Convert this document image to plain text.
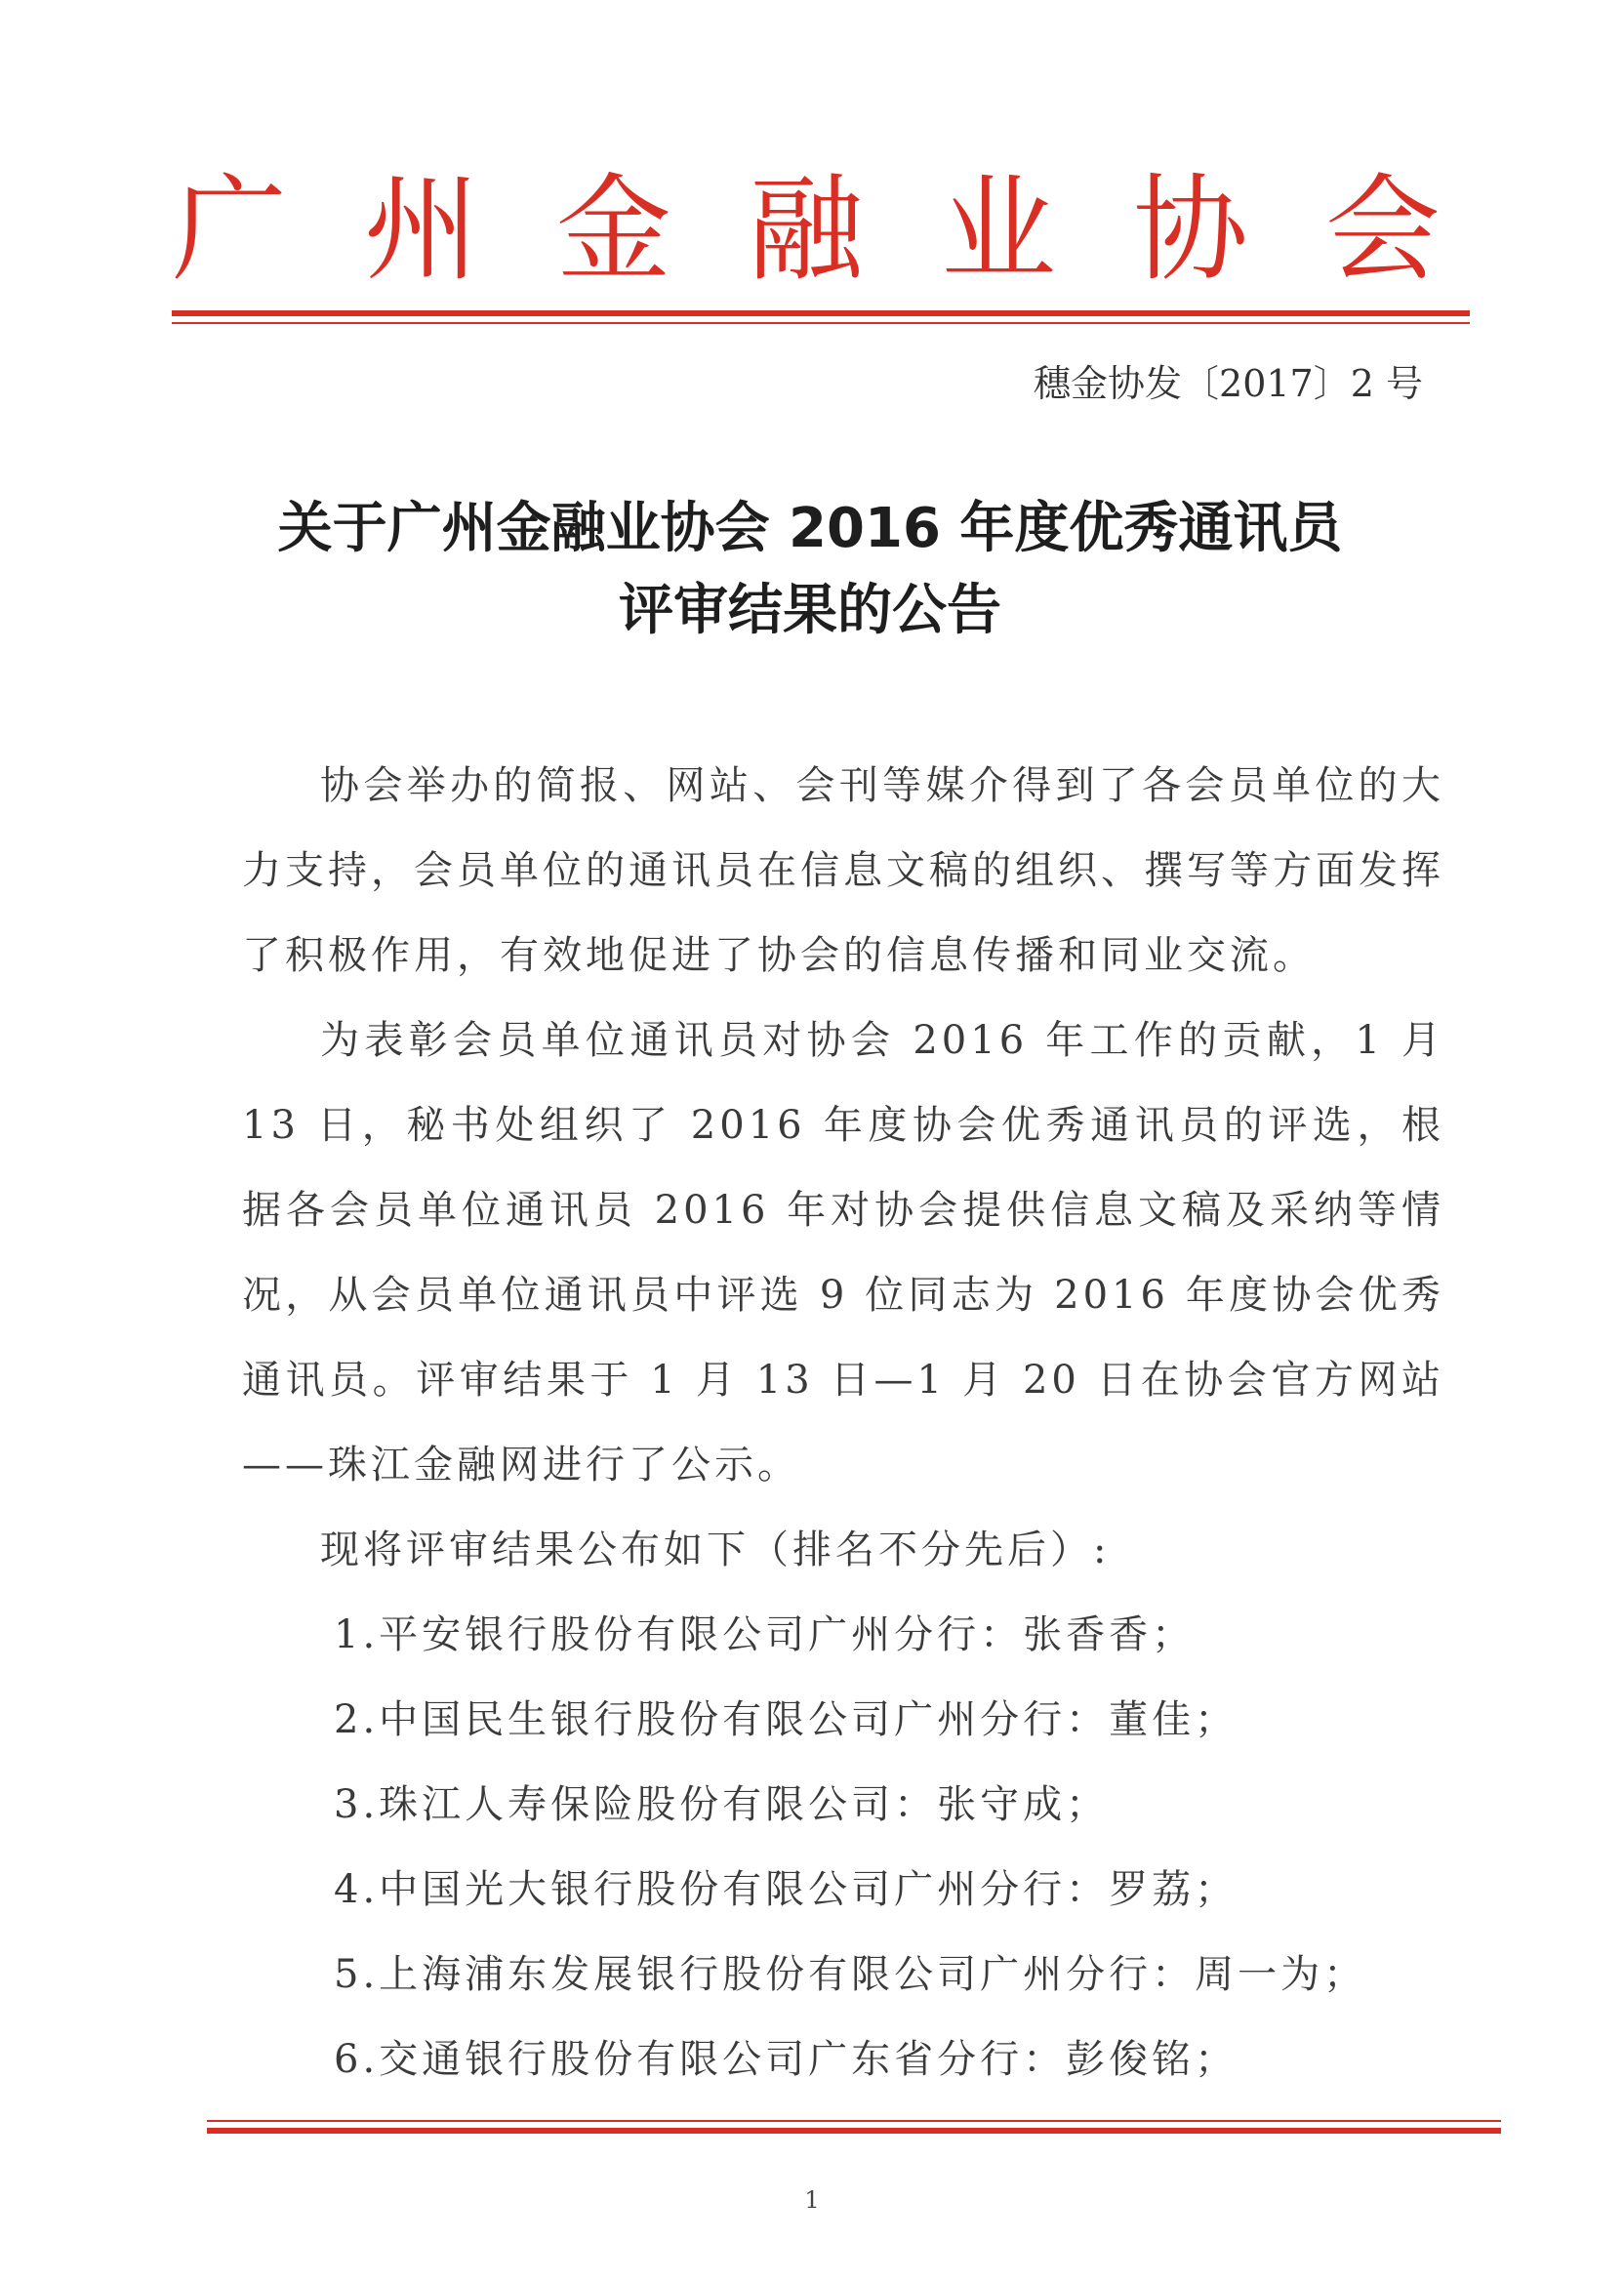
广 州 金 融 业 协 会
穗金协发〔2017〕2 号
关于广州金融业协会 2016 年度优秀通讯员
评审结果的公告

协会举办的简报、网站、会刊等媒介得到了各会员单位的大力支持，会员单位的通讯员在信息文稿的组织、撰写等方面发挥了积极作用，有效地促进了协会的信息传播和同业交流。

为表彰会员单位通讯员对协会 2016 年工作的贡献，1 月 13 日，秘书处组织了 2016 年度协会优秀通讯员的评选，根据各会员单位通讯员 2016 年对协会提供信息文稿及采纳等情况，从会员单位通讯员中评选 9 位同志为 2016 年度协会优秀通讯员。评审结果于 1 月 13 日—1 月 20 日在协会官方网站——珠江金融网进行了公示。

现将评审结果公布如下（排名不分先后）:

1.平安银行股份有限公司广州分行：张香香；

2.中国民生银行股份有限公司广州分行：董佳；

3.珠江人寿保险股份有限公司：张守成；

4.中国光大银行股份有限公司广州分行：罗荔；

5.上海浦东发展银行股份有限公司广州分行：周一为；

6.交通银行股份有限公司广东省分行：彭俊铭；

1
